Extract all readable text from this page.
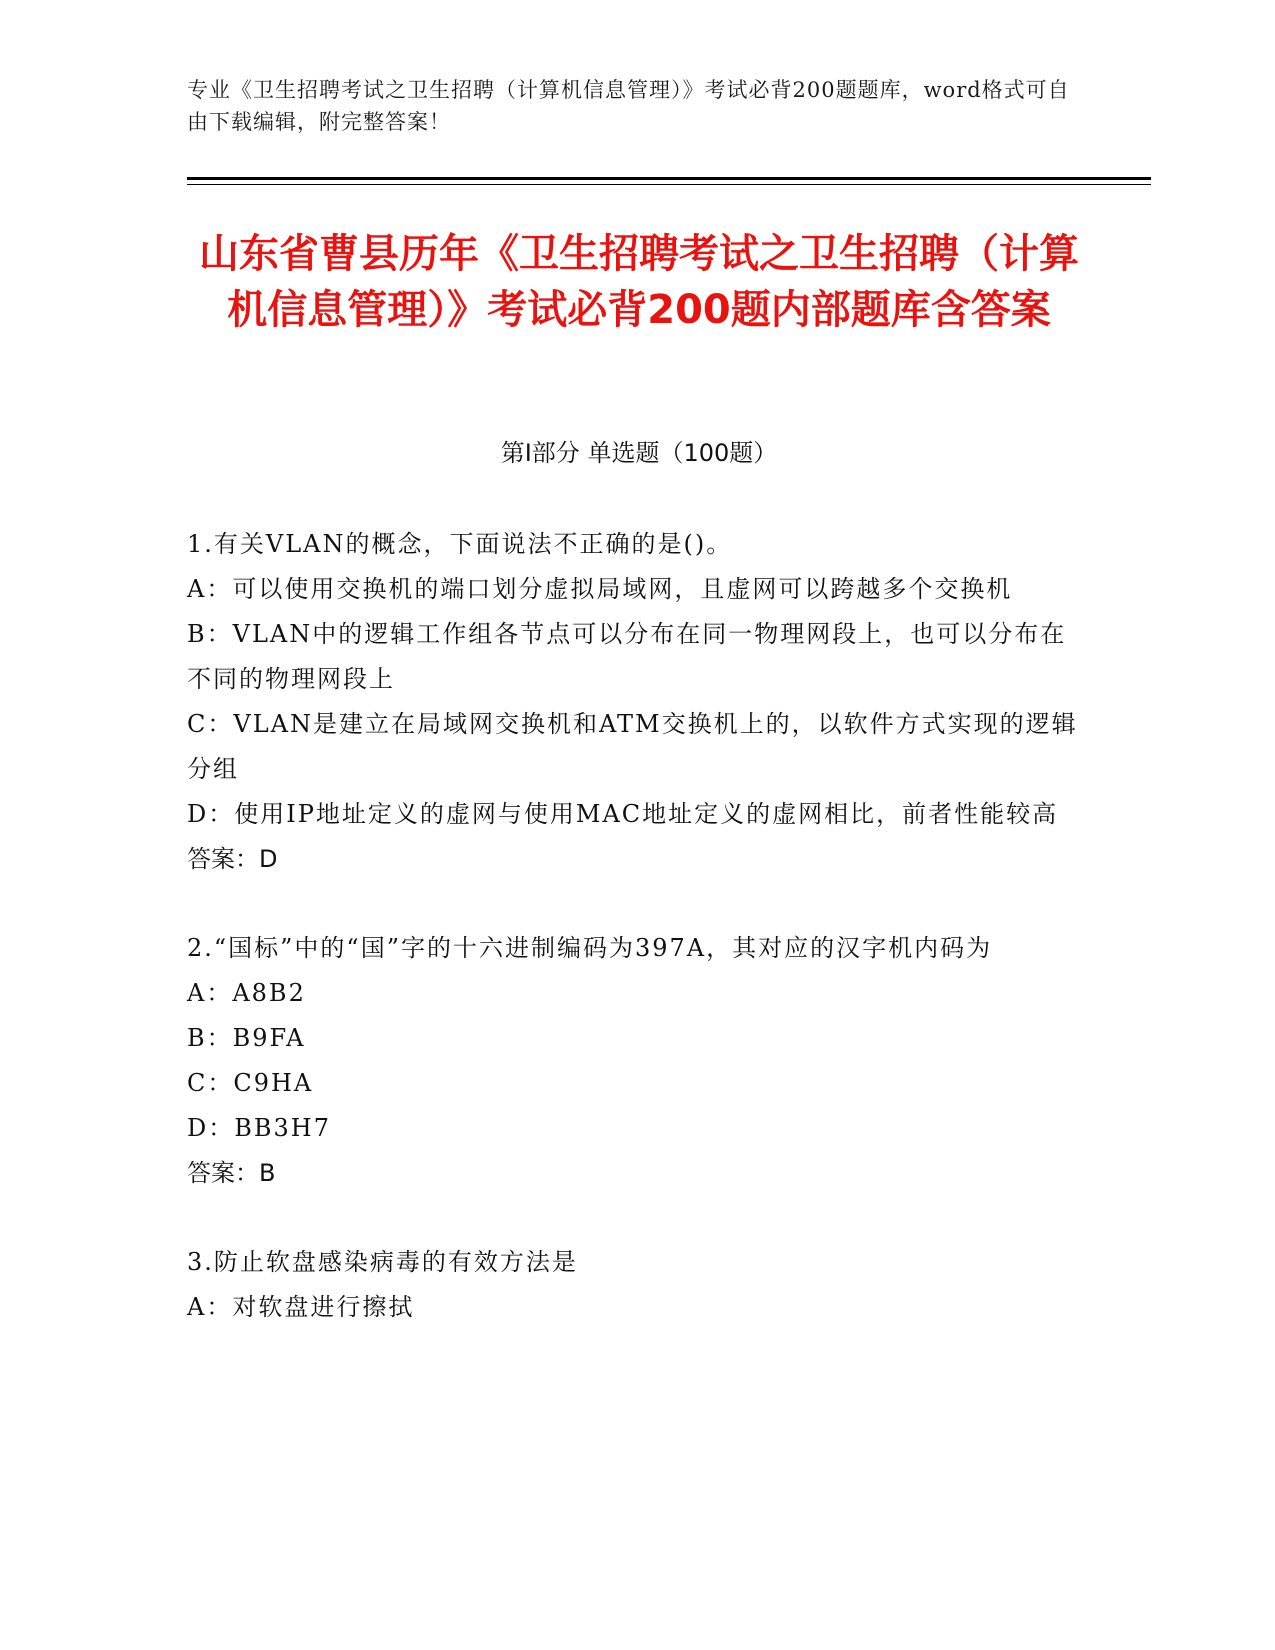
专业《卫生招聘考试之卫生招聘（计算机信息管理）》考试必背200题题库，word格式可自由下载编辑，附完整答案！
山东省曹县历年《卫生招聘考试之卫生招聘（计算机信息管理）》考试必背200题内部题库含答案
第Ⅰ部分 单选题（100题）

1.有关VLAN的概念，下面说法不正确的是()。

A：可以使用交换机的端口划分虚拟局域网，且虚网可以跨越多个交换机

B：VLAN中的逻辑工作组各节点可以分布在同一物理网段上，也可以分布在不同的物理网段上

C：VLAN是建立在局域网交换机和ATM交换机上的，以软件方式实现的逻辑分组

D：使用IP地址定义的虚网与使用MAC地址定义的虚网相比，前者性能较高

答案：D

2.“国标”中的“国”字的十六进制编码为397A，其对应的汉字机内码为

A：A8B2

B：B9FA

C：C9HA

D：BB3H7

答案：B

3.防止软盘感染病毒的有效方法是

A：对软盘进行擦拭
